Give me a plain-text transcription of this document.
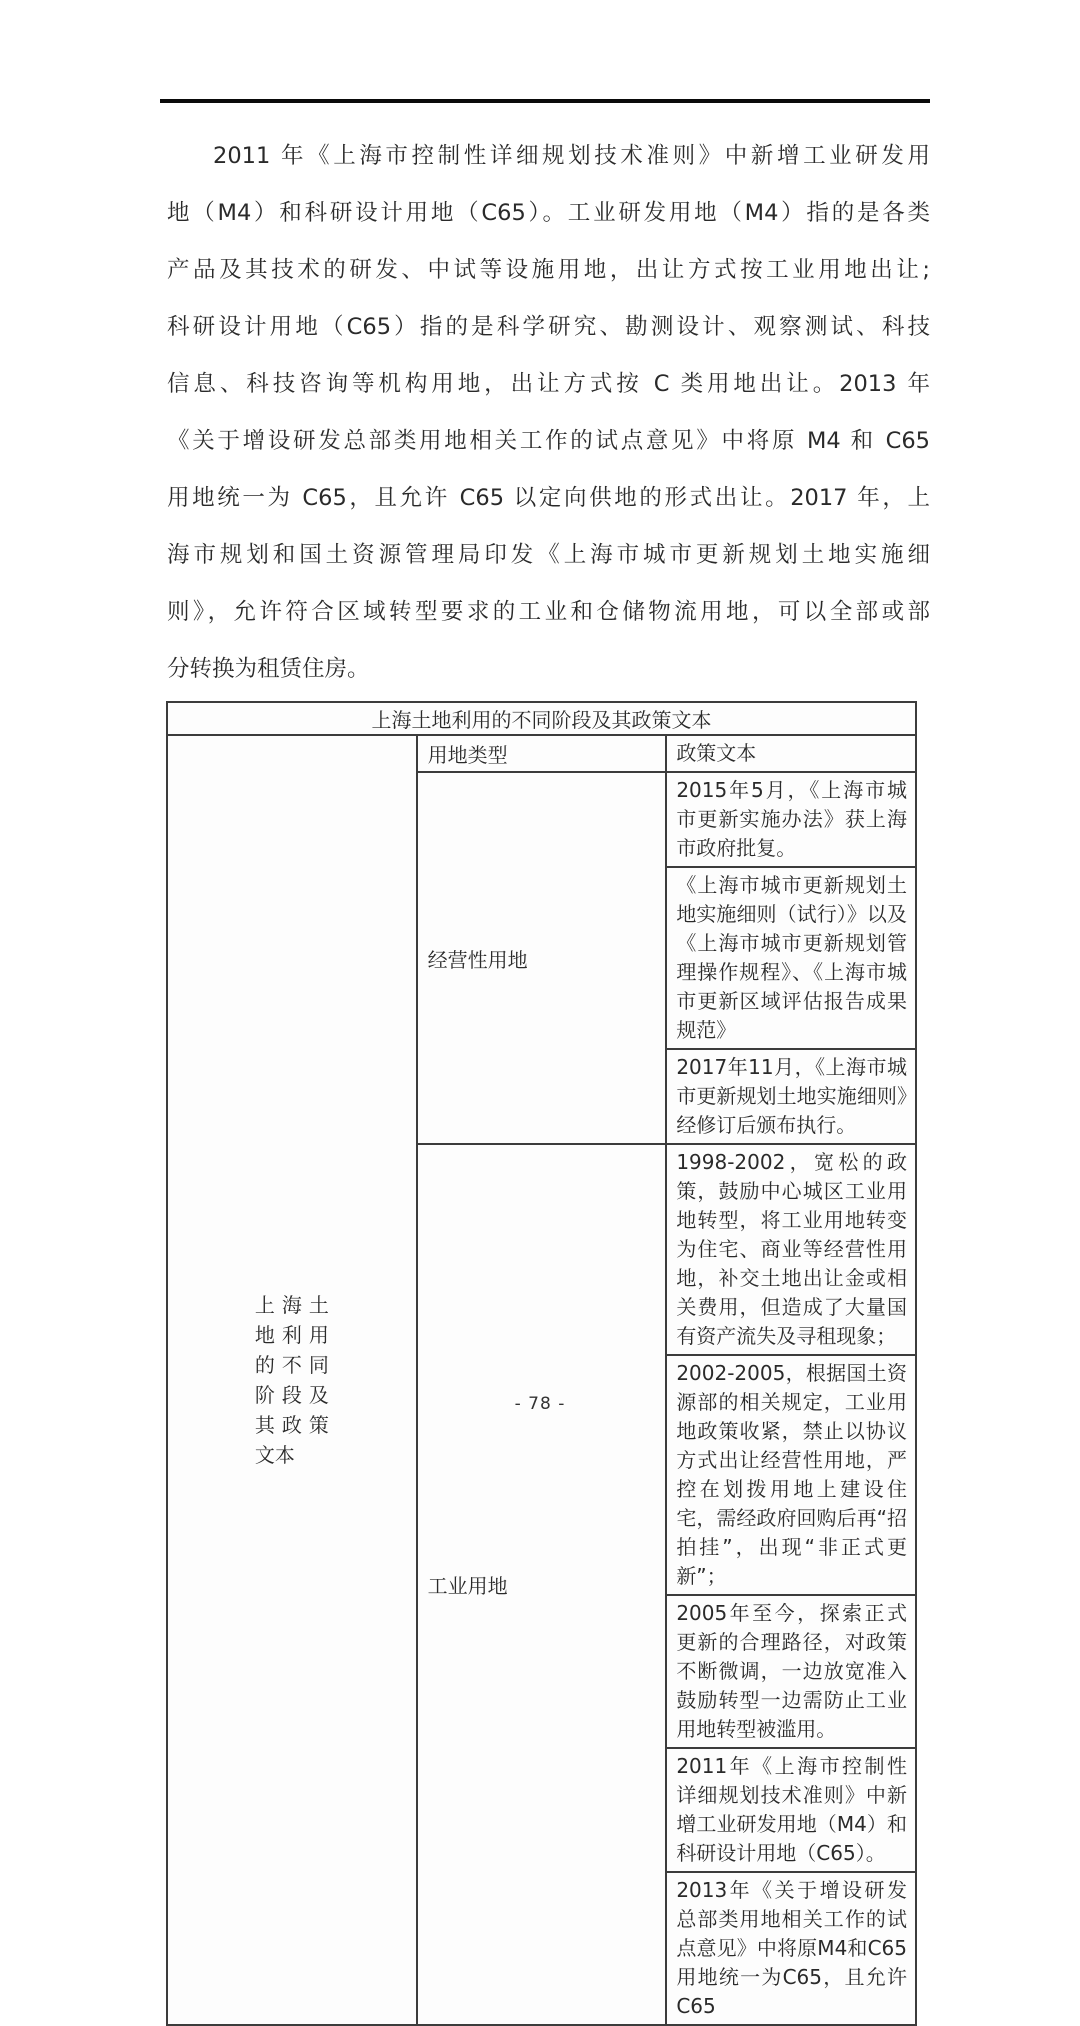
2011 年《上海市控制性详细规划技术准则》中新增工业研发用
地（M4）和科研设计用地（C65）。工业研发用地（M4）指的是各类
产品及其技术的研发、中试等设施用地，出让方式按工业用地出让;
科研设计用地（C65）指的是科学研究、勘测设计、观察测试、科技
信息、科技咨询等机构用地，出让方式按 C 类用地出让。2013 年
《关于增设研发总部类用地相关工作的试点意见》中将原 M4 和 C65
用地统一为 C65，且允许 C65 以定向供地的形式出让。2017 年，上
海市规划和国土资源管理局印发《上海市城市更新规划土地实施细
则》，允许符合区域转型要求的工业和仓储物流用地，可以全部或部
分转换为租赁住房。
上海土地利用的不同阶段及其政策文本		

上 海 土
地 利 用
的 不 同
阶 段 及
其 政 策
文本
	用地类型	政策文本
	经营性用地	2015年5月，《上海市城市更新实施办法》获上海市政府批复。
		《上海市城市更新规划土地实施细则（试行）》以及《上海市城市更新规划管理操作规程》、《上海市城市更新区域评估报告成果规范》
		2017年11月，《上海市城市更新规划土地实施细则》经修订后颁布执行。
	工业用地	1998-2002，宽松的政策，鼓励中心城区工业用地转型，将工业用地转变为住宅、商业等经营性用地，补交土地出让金或相关费用，但造成了大量国有资产流失及寻租现象；
		2002-2005，根据国土资源部的相关规定，工业用地政策收紧，禁止以协议方式出让经营性用地，严控在划拨用地上建设住宅，需经政府回购后再“招拍挂”，出现“非正式更新”；
		2005年至今，探索正式更新的合理路径，对政策不断微调，一边放宽准入鼓励转型一边需防止工业用地转型被滥用。
		2011年《上海市控制性详细规划技术准则》中新增工业研发用地（M4）和科研设计用地（C65）。
		2013年《关于增设研发总部类用地相关工作的试点意见》中将原M4和C65用地统一为C65，且允许C65
- 78 -
